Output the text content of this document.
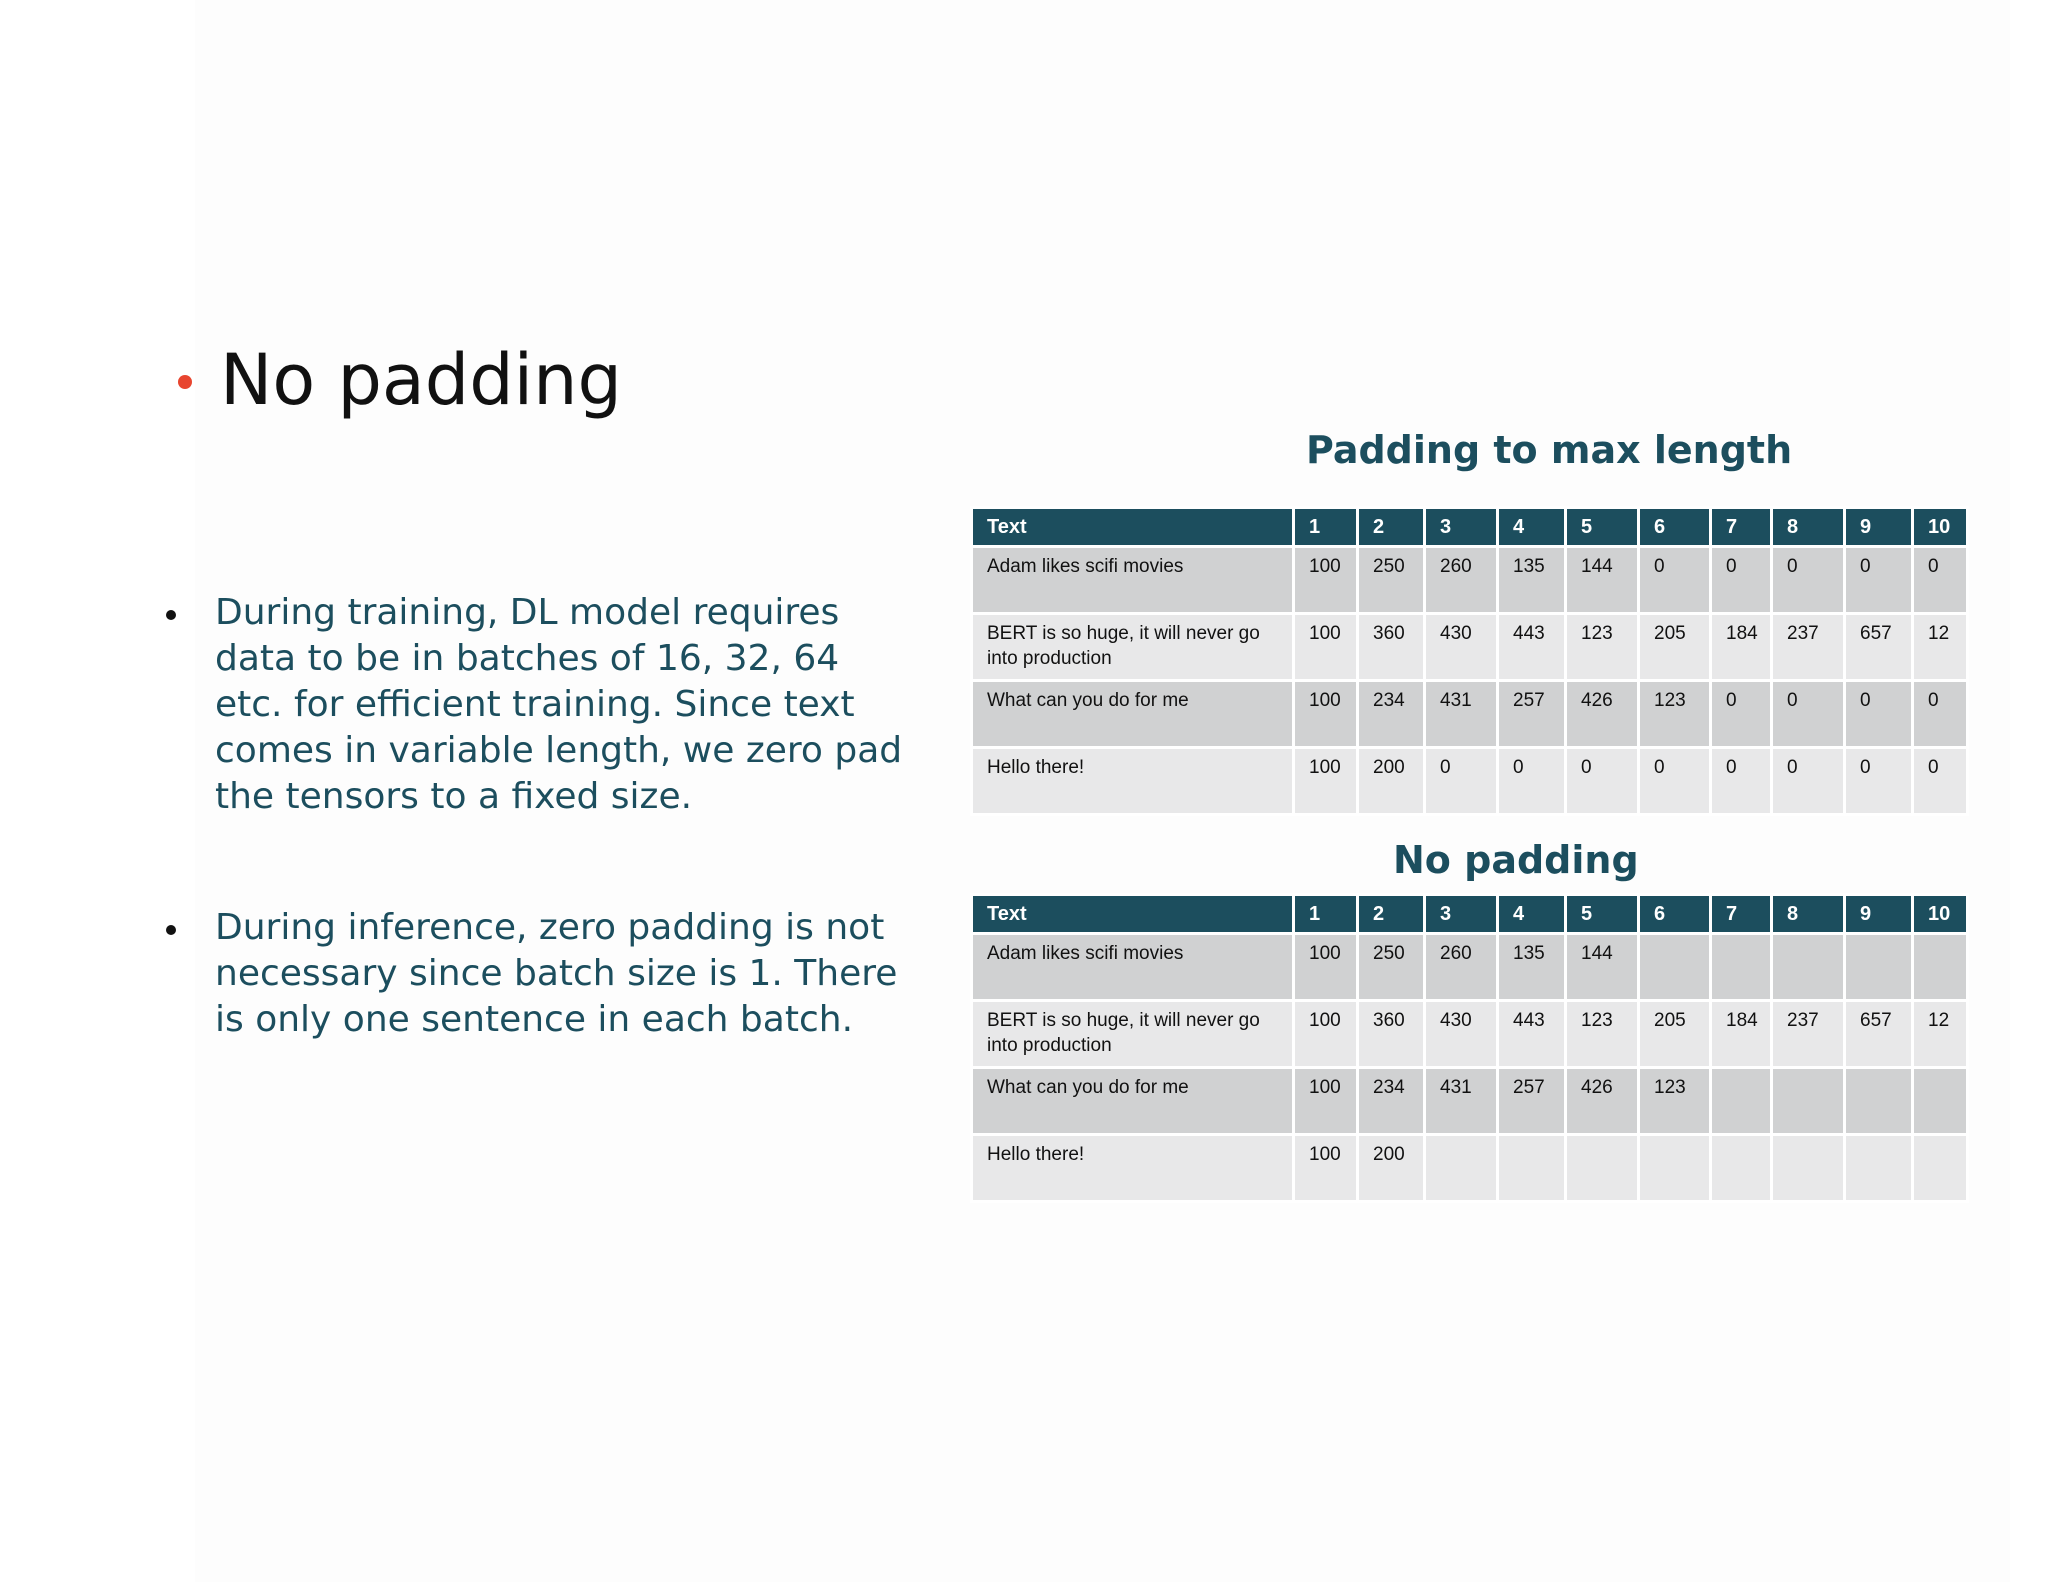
No padding
During training, DL model requires data to be in batches of 16, 32, 64 etc. for efficient training. Since text comes in variable length, we zero pad the tensors to a fixed size.
During inference, zero padding is not necessary since batch size is 1. There is only one sentence in each batch.
Padding to max length
Text	1	2	3	4	5	6	7	8	9	10
Adam likes scifi movies	100	250	260	135	144	0	0	0	0	0
BERT is so huge, it will never go into production	100	360	430	443	123	205	184	237	657	12
What can you do for me	100	234	431	257	426	123	0	0	0	0
Hello there!	100	200	0	0	0	0	0	0	0	0
No padding
Text	1	2	3	4	5	6	7	8	9	10
Adam likes scifi movies	100	250	260	135	144					
BERT is so huge, it will never go into production	100	360	430	443	123	205	184	237	657	12
What can you do for me	100	234	431	257	426	123				
Hello there!	100	200								
